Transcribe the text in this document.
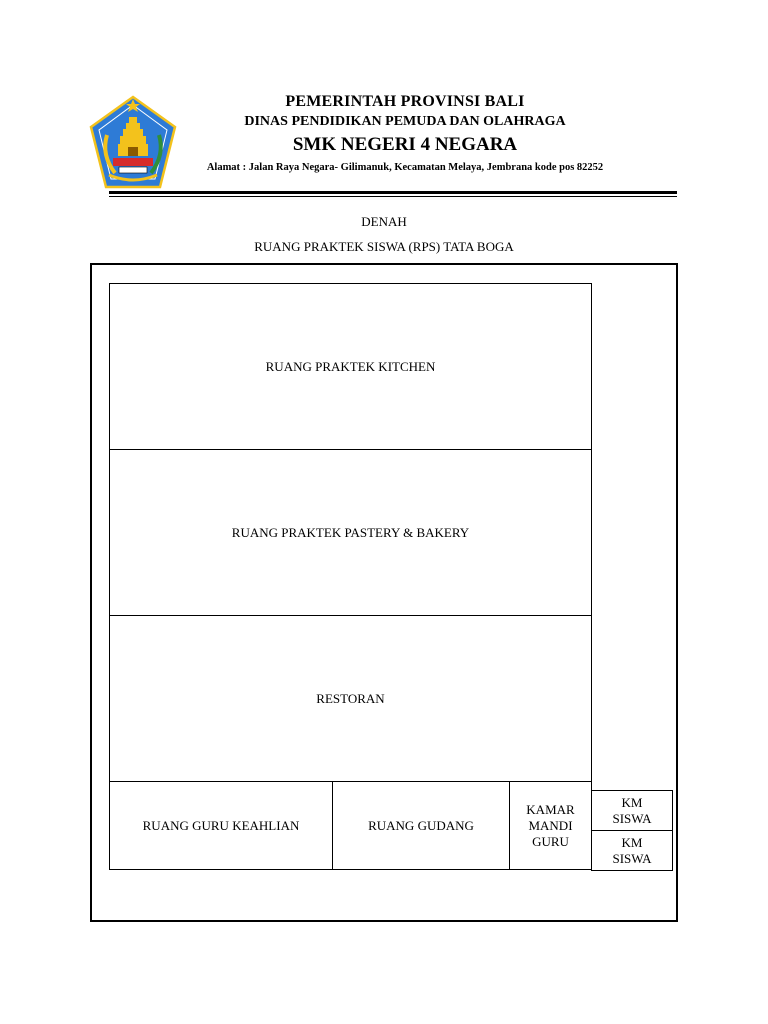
PEMERINTAH PROVINSI BALI
DINAS PENDIDIKAN PEMUDA DAN OLAHRAGA
SMK NEGERI 4 NEGARA
Alamat : Jalan Raya Negara- Gilimanuk, Kecamatan Melaya, Jembrana kode pos 82252
DENAH
RUANG PRAKTEK SISWA (RPS) TATA BOGA
RUANG PRAKTEK KITCHEN
RUANG PRAKTEK PASTERY & BAKERY
RESTORAN
RUANG GURU KEAHLIAN	RUANG GUDANG
KAMAR
MANDI
GURU
KM
SISWA
KM
SISWA
